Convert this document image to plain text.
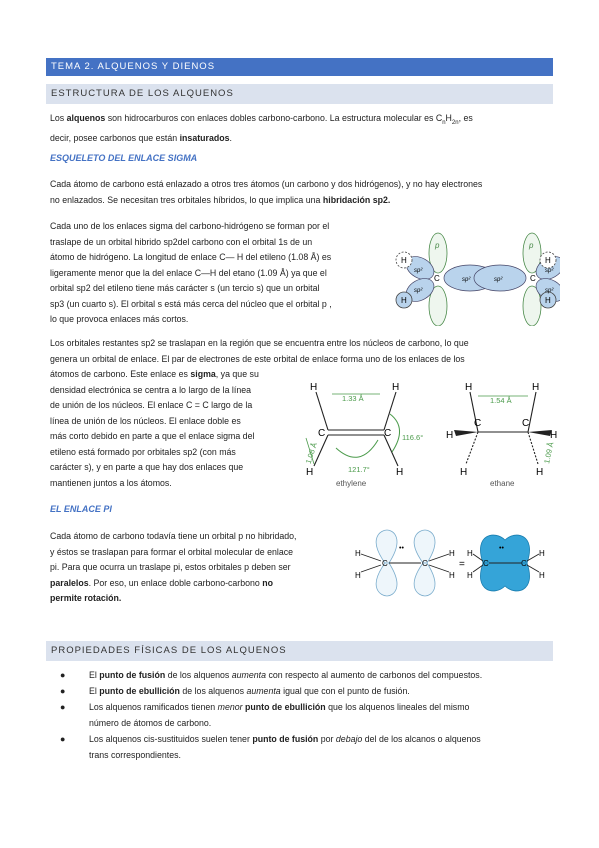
TEMA 2. ALQUENOS Y DIENOS
ESTRUCTURA DE LOS ALQUENOS
Los alquenos son hidrocarburos con enlaces dobles carbono-carbono. La estructura molecular es $C_nH_{2n}$, es
decir, posee carbonos que están insaturados.
ESQUELETO DEL ENLACE SIGMA
Cada átomo de carbono está enlazado a otros tres átomos (un carbono y dos hidrógenos), y no hay electrones
no enlazados. Se necesitan tres orbitales híbridos, lo que implica una hibridación sp2.
Cada uno de los enlaces sigma del carbono-hidrógeno se forman por el
traslape de un orbital hibrido sp2del carbono con el orbital 1s de un
átomo de hidrógeno. La longitud de enlace C— H del etileno (1.08 Å) es
ligeramente menor que la del enlace C—H del etano (1.09 Å) ya que el
orbital sp2 del etileno tiene más carácter s (un tercio s) que un orbital
sp3 (un cuarto s). El orbital s está más cerca del núcleo que el orbital p ,
lo que provoca enlaces más cortos.
p	p
H
H
H
H
C	C
sp²
sp²
sp²	sp²
sp²
sp²
Los orbitales restantes sp2 se traslapan en la región que se encuentra entre los núcleos de carbono, lo que
genera un orbital de enlace. El par de electrones de este orbital de enlace forma uno de los enlaces de los
átomos de carbono. Este enlace es sigma, ya que su
densidad electrónica se centra a lo largo de la línea
de unión de los núcleos. El enlace C = C largo de la
línea de unión de los núcleos. El enlace doble es
más corto debido en parte a que el enlace sigma del
etileno está formado por orbitales sp2 (con más
carácter s), y en parte a que hay dos enlaces que
mantienen juntos a los átomos.
H	H
H	H
C	C
1.33 Å
116.6°
121.7°
1.08 Å
ethylene
H	H
H
H
H
H
C	C
1.54 Å
1.09 Å
ethane
EL ENLACE PI
Cada átomo de carbono todavía tiene un orbital p no hibridado,
y éstos se traslapan para formar el orbital molecular de enlace
pi. Para que ocurra un traslape pi, estos orbitales p deben ser
paralelos. Por eso, un enlace doble carbono-carbono no
permite rotación.
H
H
H
H
C	C
••
=
H
H
H
H
C	C
••
PROPIEDADES FÍSICAS DE LOS ALQUENOS
●	El punto de fusión de los alquenos aumenta con respecto al aumento de carbonos del compuestos.
●	El punto de ebullición de los alquenos aumenta igual que con el punto de fusión.
●	Los alquenos ramificados tienen menor punto de ebullición que los alquenos lineales del mismo
número de átomos de carbono.
●	Los alquenos cis-sustituidos suelen tener punto de fusión por debajo del de los alcanos o alquenos
trans correspondientes.
